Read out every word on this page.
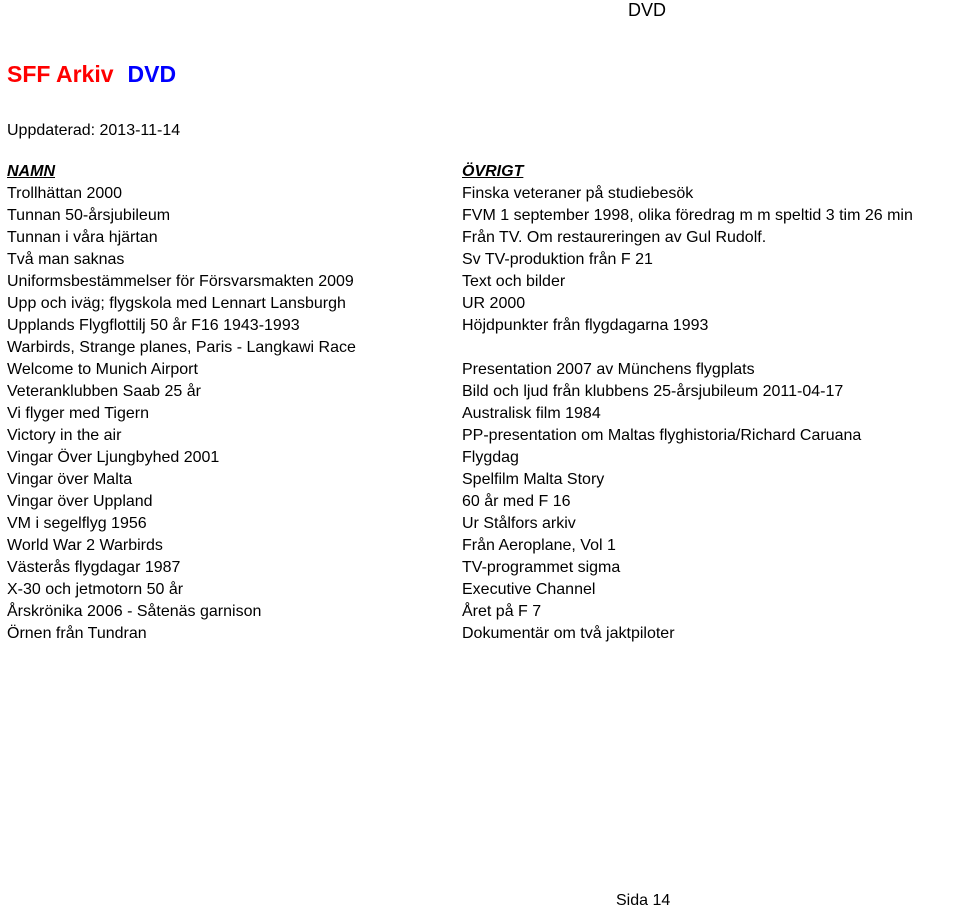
DVD
SFF Arkiv DVD
Uppdaterad: 2013-11-14
NAMN	ÖVRIGT
Trollhättan 2000	Finska veteraner på studiebesök
Tunnan 50-årsjubileum	FVM 1 september 1998, olika föredrag m m speltid 3 tim 26 min
Tunnan i våra hjärtan	Från TV. Om restaureringen av Gul Rudolf.
Två man saknas	Sv TV-produktion från F 21
Uniformsbestämmelser för Försvarsmakten 2009	Text och bilder
Upp och iväg; flygskola med Lennart Lansburgh	UR 2000
Upplands Flygflottilj 50 år F16 1943-1993	Höjdpunkter från flygdagarna 1993
Warbirds, Strange planes, Paris - Langkawi Race
Welcome to Munich Airport	Presentation 2007 av Münchens flygplats
Veteranklubben Saab 25 år	Bild och ljud från klubbens 25-årsjubileum 2011-04-17
Vi flyger med Tigern	Australisk film 1984
Victory in the air	PP-presentation om Maltas flyghistoria/Richard Caruana
Vingar Över Ljungbyhed 2001	Flygdag
Vingar över Malta	Spelfilm Malta Story
Vingar över Uppland	60 år med F 16
VM i segelflyg 1956	Ur Stålfors arkiv
World War 2 Warbirds	Från Aeroplane, Vol 1
Västerås flygdagar 1987	TV-programmet sigma
X-30 och jetmotorn 50 år	Executive Channel
Årskrönika 2006 - Såtenäs garnison	Året på F 7
Örnen från Tundran	Dokumentär om två jaktpiloter
Sida 14
